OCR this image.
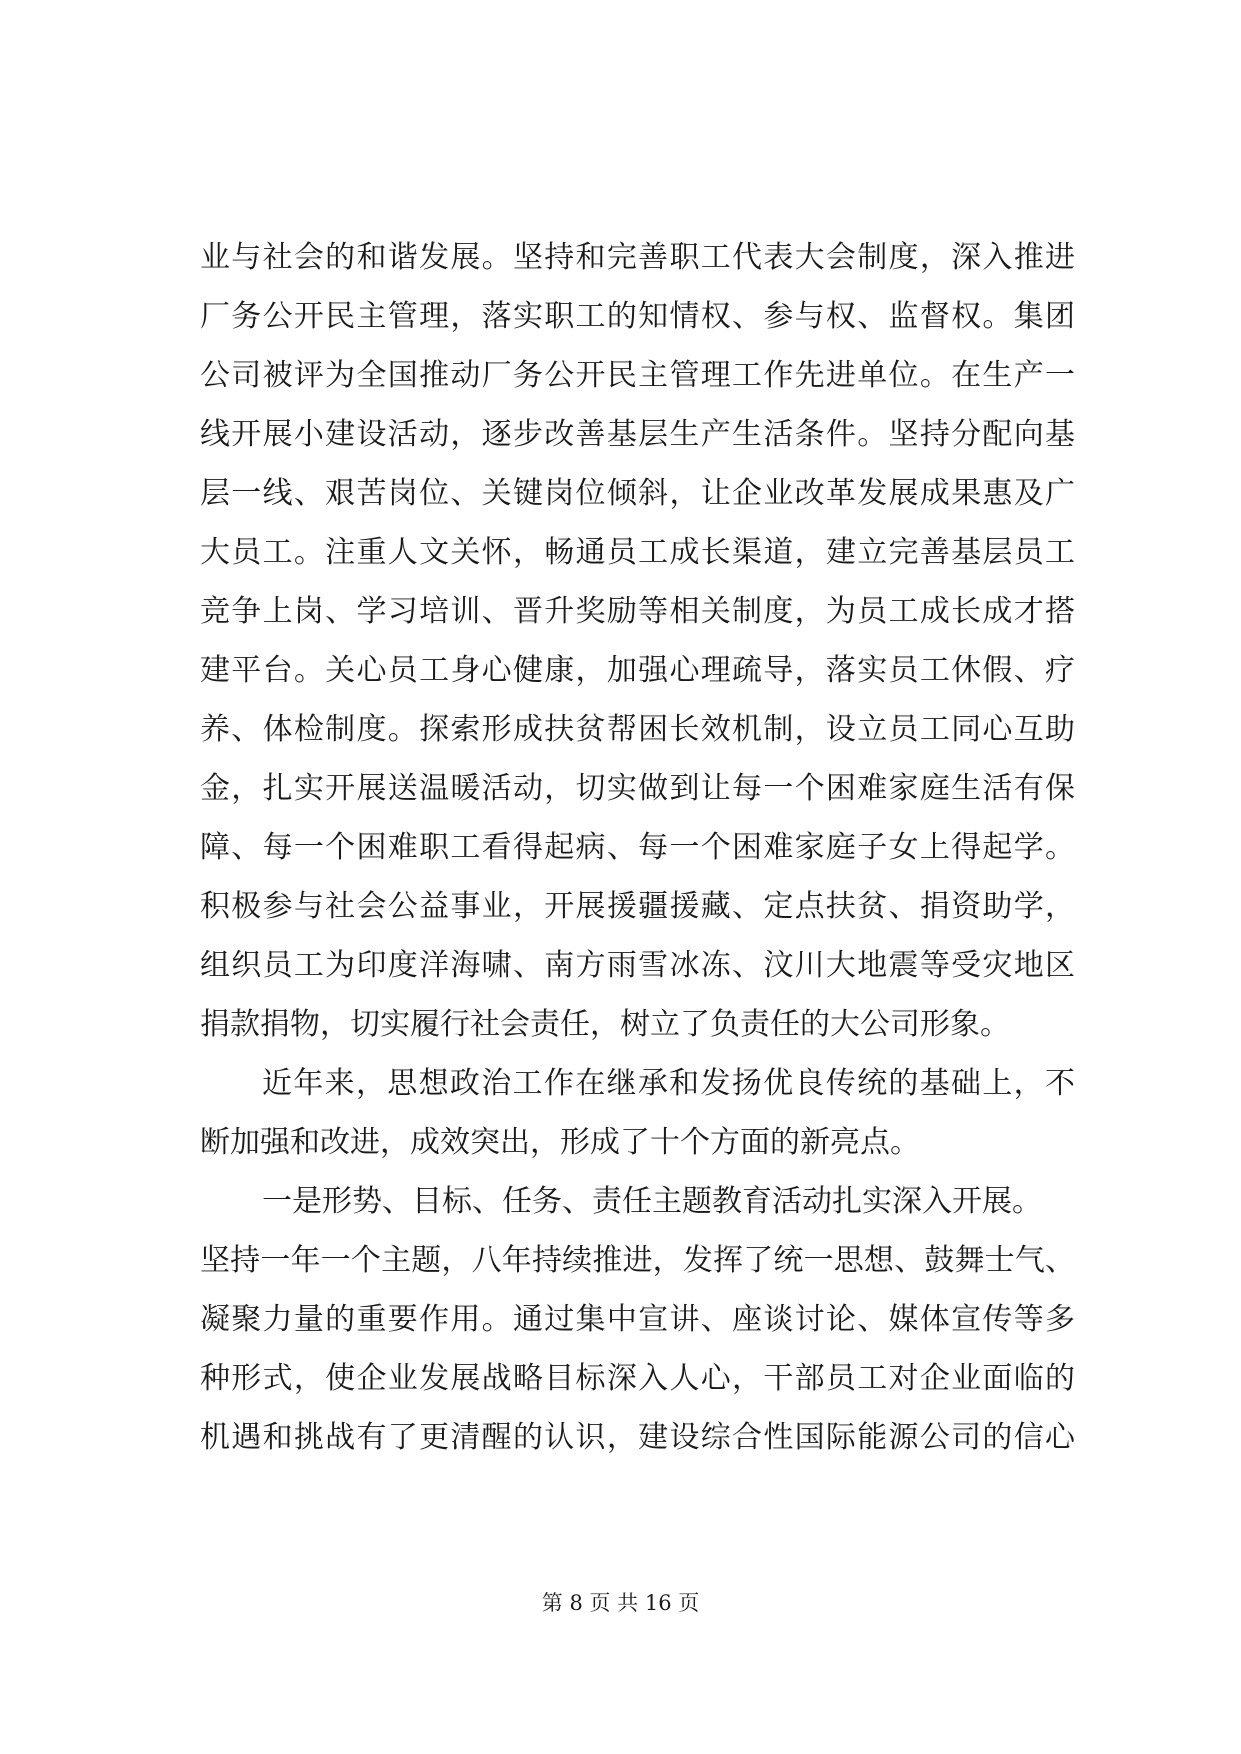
业与社会的和谐发展。坚持和完善职工代表大会制度，深入推进
厂务公开民主管理，落实职工的知情权、参与权、监督权。集团
公司被评为全国推动厂务公开民主管理工作先进单位。在生产一
线开展小建设活动，逐步改善基层生产生活条件。坚持分配向基
层一线、艰苦岗位、关键岗位倾斜，让企业改革发展成果惠及广
大员工。注重人文关怀，畅通员工成长渠道，建立完善基层员工
竞争上岗、学习培训、晋升奖励等相关制度，为员工成长成才搭
建平台。关心员工身心健康，加强心理疏导，落实员工休假、疗
养、体检制度。探索形成扶贫帮困长效机制，设立员工同心互助
金，扎实开展送温暖活动，切实做到让每一个困难家庭生活有保
障、每一个困难职工看得起病、每一个困难家庭子女上得起学。
积极参与社会公益事业，开展援疆援藏、定点扶贫、捐资助学，
组织员工为印度洋海啸、南方雨雪冰冻、汶川大地震等受灾地区
捐款捐物，切实履行社会责任，树立了负责任的大公司形象。
近年来，思想政治工作在继承和发扬优良传统的基础上，不
断加强和改进，成效突出，形成了十个方面的新亮点。
一是形势、目标、任务、责任主题教育活动扎实深入开展。
坚持一年一个主题，八年持续推进，发挥了统一思想、鼓舞士气、
凝聚力量的重要作用。通过集中宣讲、座谈讨论、媒体宣传等多
种形式，使企业发展战略目标深入人心，干部员工对企业面临的
机遇和挑战有了更清醒的认识，建设综合性国际能源公司的信心
第 8 页 共 16 页
